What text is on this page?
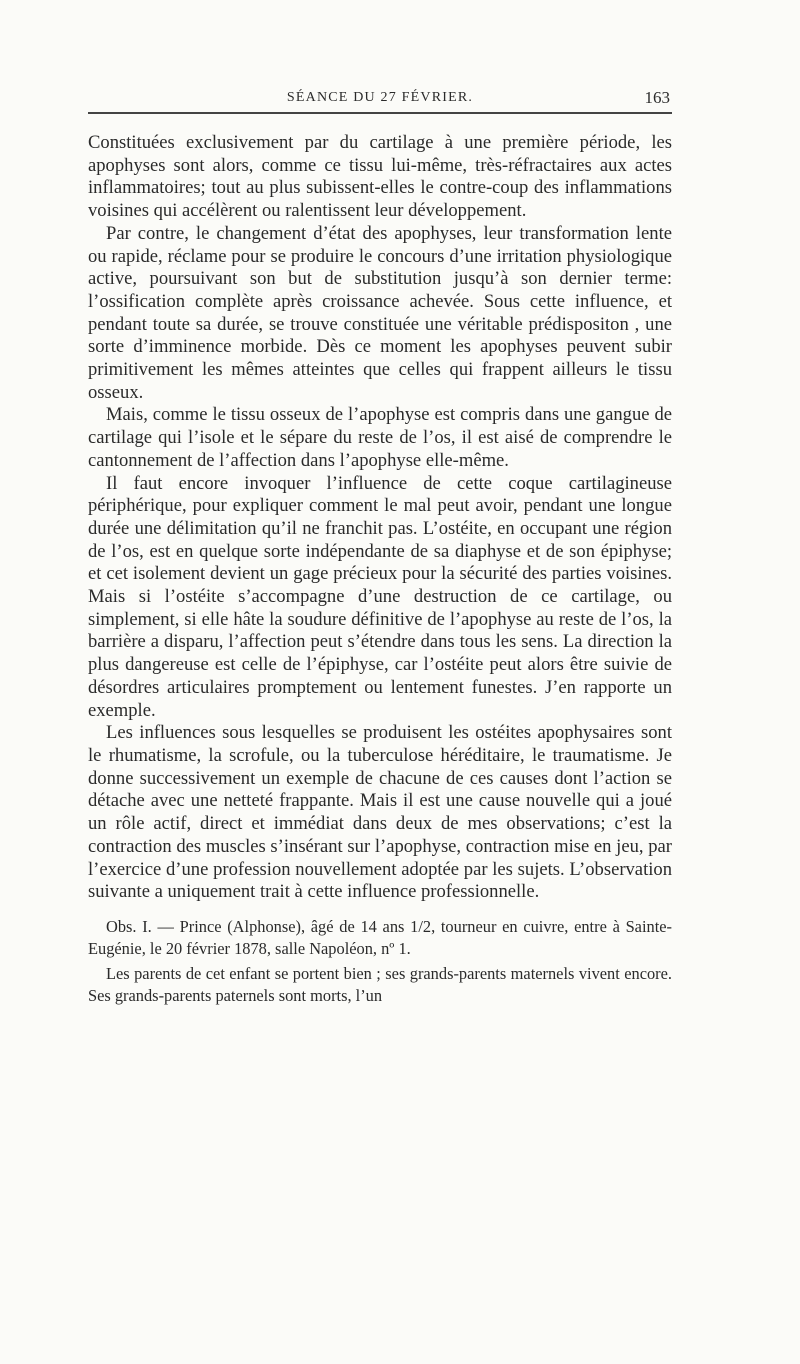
SÉANCE DU 27 FÉVRIER.	163

Constituées exclusivement par du cartilage à une première période, les apophyses sont alors, comme ce tissu lui-même, très-réfractaires aux actes inflammatoires; tout au plus subissent-elles le contre-coup des inflammations voisines qui accélèrent ou ralentissent leur développement.

Par contre, le changement d’état des apophyses, leur transformation lente ou rapide, réclame pour se produire le concours d’une irritation physiologique active, poursuivant son but de substitution jusqu’à son dernier terme: l’ossification complète après croissance achevée. Sous cette influence, et pendant toute sa durée, se trouve constituée une véritable prédispositon , une sorte d’imminence morbide. Dès ce moment les apophyses peuvent subir primitivement les mêmes atteintes que celles qui frappent ailleurs le tissu osseux.

Mais, comme le tissu osseux de l’apophyse est compris dans une gangue de cartilage qui l’isole et le sépare du reste de l’os, il est aisé de comprendre le cantonnement de l’affection dans l’apophyse elle-même.

Il faut encore invoquer l’influence de cette coque cartilagineuse périphérique, pour expliquer comment le mal peut avoir, pendant une longue durée une délimitation qu’il ne franchit pas. L’ostéite, en occupant une région de l’os, est en quelque sorte indépendante de sa diaphyse et de son épiphyse; et cet isolement devient un gage précieux pour la sécurité des parties voisines. Mais si l’ostéite s’accompagne d’une destruction de ce cartilage, ou simplement, si elle hâte la soudure définitive de l’apophyse au reste de l’os, la barrière a disparu, l’affection peut s’étendre dans tous les sens. La direction la plus dangereuse est celle de l’épiphyse, car l’ostéite peut alors être suivie de désordres articulaires promptement ou lentement funestes. J’en rapporte un exemple.

Les influences sous lesquelles se produisent les ostéites apophysaires sont le rhumatisme, la scrofule, ou la tuberculose héréditaire, le traumatisme. Je donne successivement un exemple de chacune de ces causes dont l’action se détache avec une netteté frappante. Mais il est une cause nouvelle qui a joué un rôle actif, direct et immédiat dans deux de mes observations; c’est la contraction des muscles s’insérant sur l’apophyse, contraction mise en jeu, par l’exercice d’une profession nouvellement adoptée par les sujets. L’observation suivante a uniquement trait à cette influence professionnelle.

Obs. I. — Prince (Alphonse), âgé de 14 ans 1/2, tourneur en cuivre, entre à Sainte-Eugénie, le 20 février 1878, salle Napoléon, nº 1.

Les parents de cet enfant se portent bien ; ses grands-parents maternels vivent encore. Ses grands-parents paternels sont morts, l’un
